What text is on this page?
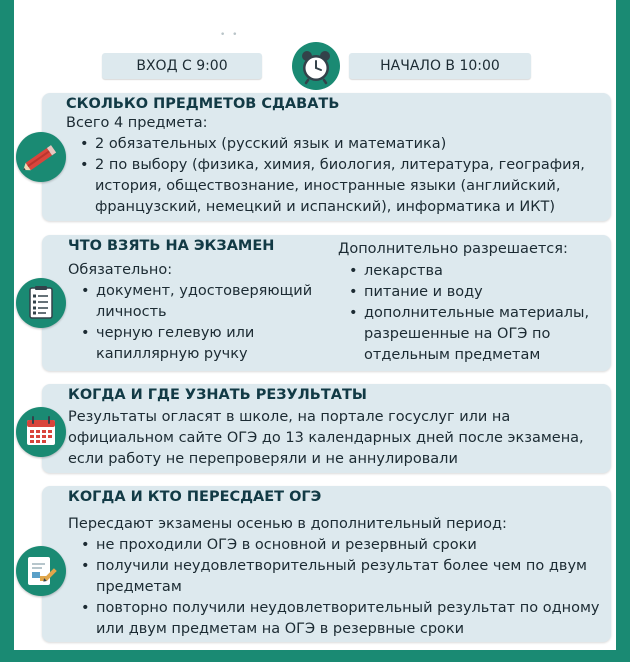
• •
ВХОД С 9:00	НАЧАЛО В 10:00
СКОЛЬКО ПРЕДМЕТОВ СДАВАТЬ

Всего 4 предмета:

• 2 обязательных (русский язык и математика)
• 2 по выбору (физика, химия, биология, литература, география, история, обществознание, иностранные языки (английский, французский, немецкий и испанский), информатика и ИКТ)
ЧТО ВЗЯТЬ НА ЭКЗАМЕН

Обязательно:

• документ, удостоверяющий личность
• черную гелевую или капиллярную ручку

Дополнительно разрешается:

• лекарства
• питание и воду
• дополнительные материалы, разрешенные на ОГЭ по отдельным предметам
КОГДА И ГДЕ УЗНАТЬ РЕЗУЛЬТАТЫ

Результаты огласят в школе, на портале госуслуг или на официальном сайте ОГЭ до 13 календарных дней после экзамена, если работу не перепроверяли и не аннулировали

КОГДА И КТО ПЕРЕСДАЕТ ОГЭ

Пересдают экзамены осенью в дополнительный период:

• не проходили ОГЭ в основной и резервный сроки
• получили неудовлетворительный результат более чем по двум предметам
• повторно получили неудовлетворительный результат по одному или двум предметам на ОГЭ в резервные сроки
